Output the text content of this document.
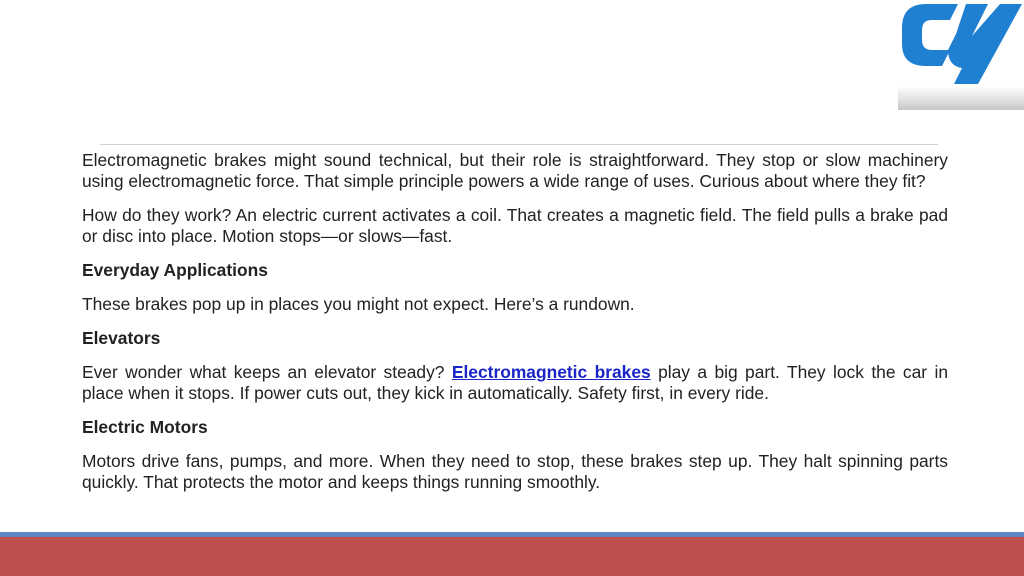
Electromagnetic brakes might sound technical, but their role is straightforward. They stop or slow machinery using electromagnetic force. That simple principle powers a wide range of uses. Curious about where they fit?

How do they work? An electric current activates a coil. That creates a magnetic field. The field pulls a brake pad or disc into place. Motion stops—or slows—fast.

Everyday Applications

These brakes pop up in places you might not expect. Here’s a rundown.

Elevators

Ever wonder what keeps an elevator steady? Electromagnetic brakes play a big part. They lock the car in place when it stops. If power cuts out, they kick in automatically. Safety first, in every ride.

Electric Motors

Motors drive fans, pumps, and more. When they need to stop, these brakes step up. They halt spinning parts quickly. That protects the motor and keeps things running smoothly.
